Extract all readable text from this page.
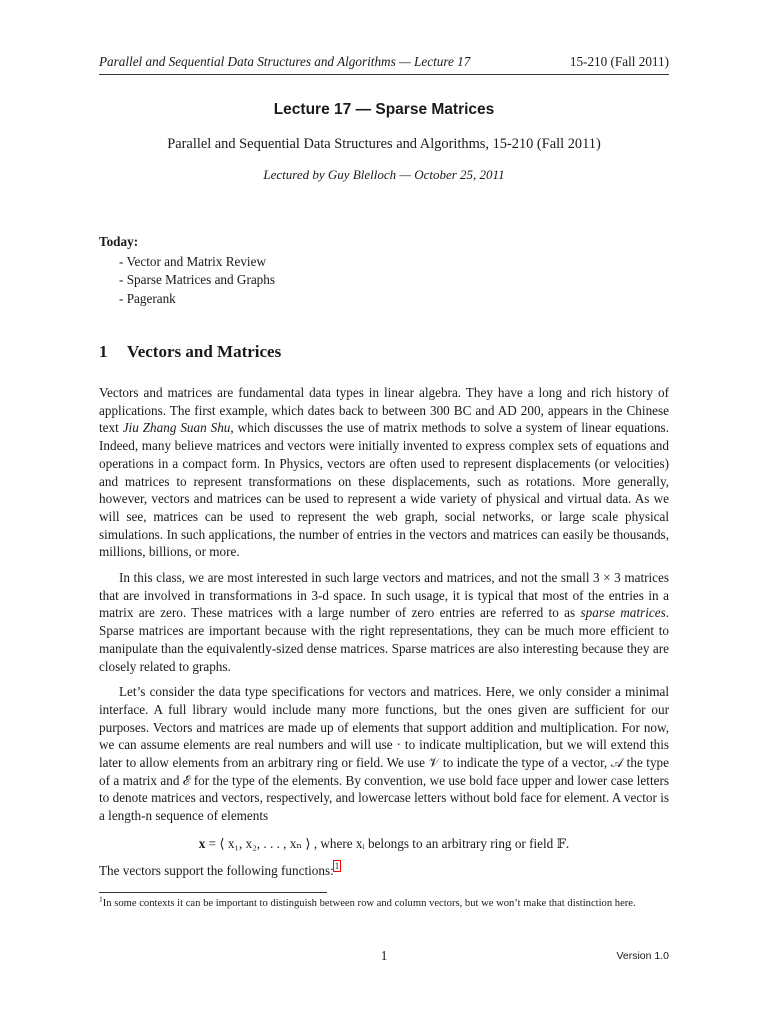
Parallel and Sequential Data Structures and Algorithms — Lecture 17	15-210 (Fall 2011)
Lecture 17 — Sparse Matrices
Parallel and Sequential Data Structures and Algorithms, 15-210 (Fall 2011)
Lectured by Guy Blelloch — October 25, 2011
Today:
- Vector and Matrix Review
- Sparse Matrices and Graphs
- Pagerank
1 Vectors and Matrices

Vectors and matrices are fundamental data types in linear algebra. They have a long and rich history of applications. The first example, which dates back to between 300 BC and AD 200, appears in the Chinese text Jiu Zhang Suan Shu, which discusses the use of matrix methods to solve a system of linear equations. Indeed, many believe matrices and vectors were initially invented to express complex sets of equations and operations in a compact form. In Physics, vectors are often used to represent displacements (or velocities) and matrices to represent transformations on these displacements, such as rotations. More generally, however, vectors and matrices can be used to represent a wide variety of physical and virtual data. As we will see, matrices can be used to represent the web graph, social networks, or large scale physical simulations. In such applications, the number of entries in the vectors and matrices can easily be thousands, millions, billions, or more.

In this class, we are most interested in such large vectors and matrices, and not the small 3 × 3 matrices that are involved in transformations in 3-d space. In such usage, it is typical that most of the entries in a matrix are zero. These matrices with a large number of zero entries are referred to as sparse matrices. Sparse matrices are important because with the right representations, they can be much more efficient to manipulate than the equivalently-sized dense matrices. Sparse matrices are also interesting because they are closely related to graphs.

Let’s consider the data type specifications for vectors and matrices. Here, we only consider a minimal interface. A full library would include many more functions, but the ones given are sufficient for our purposes. Vectors and matrices are made up of elements that support addition and multiplication. For now, we can assume elements are real numbers and will use · to indicate multiplication, but we will extend this later to allow elements from an arbitrary ring or field. We use 𝒱 to indicate the type of a vector, 𝒜 the type of a matrix and ℰ for the type of the elements. By convention, we use bold face upper and lower case letters to denote matrices and vectors, respectively, and lowercase letters without bold face for element. A vector is a length-n sequence of elements

x = ⟨ x₁, x₂, . . . , xₙ ⟩ , where xᵢ belongs to an arbitrary ring or field 𝔽.

The vectors support the following functions:$^1$

$^1$In some contexts it can be important to distinguish between row and column vectors, but we won’t make that distinction here.
1	Version 1.0
